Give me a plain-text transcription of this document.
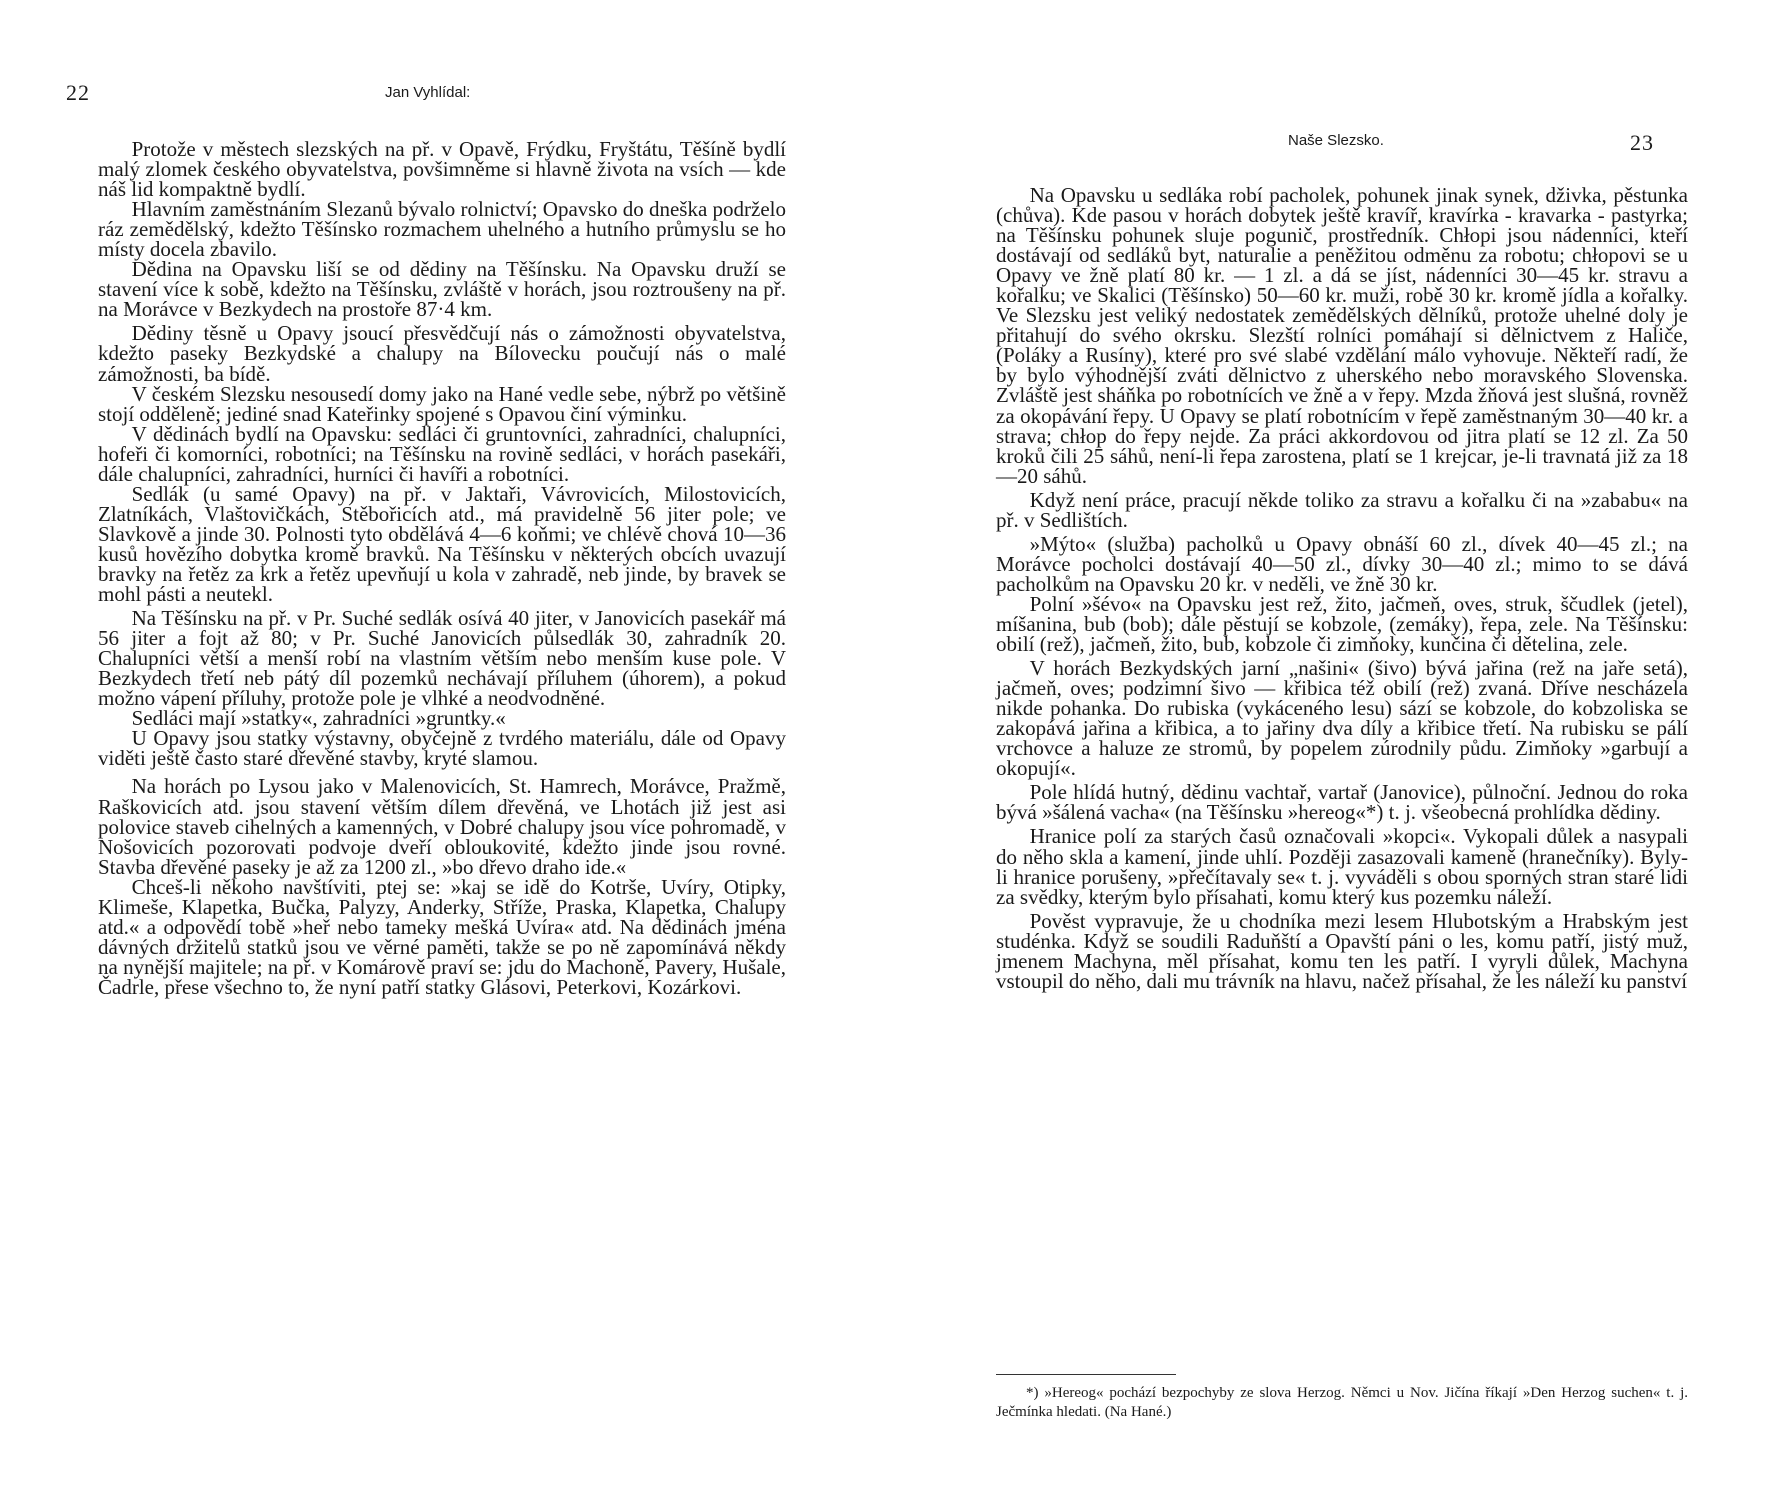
22	Jan Vyhlídal:

Protože v městech slezských na př. v Opavě, Frýdku, Fryštátu, Těšíně bydlí malý zlomek českého obyvatelstva, povšimněme si hlavně života na vsích — kde náš lid kompaktně bydlí.

Hlavním zaměstnáním Slezanů bývalo rolnictví; Opavsko do dneška podrželo ráz zemědělský, kdežto Těšínsko rozmachem uhelného a hutního průmyslu se ho místy docela zbavilo.

Dědina na Opavsku liší se od dědiny na Těšínsku. Na Opavsku druží se stavení více k sobě, kdežto na Těšínsku, zvláště v horách, jsou roztroušeny na př. na Morávce v Bezkydech na prostoře 87·4 km.

Dědiny těsně u Opavy jsoucí přesvědčují nás o zámožnosti obyvatelstva, kdežto paseky Bezkydské a chalupy na Bílovecku poučují nás o malé zámožnosti, ba bídě.

V českém Slezsku nesousedí domy jako na Hané vedle sebe, nýbrž po většině stojí odděleně; jediné snad Kateřinky spojené s Opavou činí výminku.

V dědinách bydlí na Opavsku: sedláci či gruntovníci, zahradníci, chalupníci, hofeři či komorníci, robotníci; na Těšínsku na rovině sedláci, v horách pasekáři, dále chalupníci, zahradníci, hurníci či havíři a robotníci.

Sedlák (u samé Opavy) na př. v Jaktaři, Vávrovicích, Milostovicích, Zlatníkách, Vlaštovičkách, Stěbořicích atd., má pravidelně 56 jiter pole; ve Slavkově a jinde 30. Polnosti tyto obdělává 4—6 koňmi; ve chlévě chová 10—36 kusů hovězího dobytka kromě bravků. Na Těšínsku v některých obcích uvazují bravky na řetěz za krk a řetěz upevňují u kola v zahradě, neb jinde, by bravek se mohl pásti a neutekl.

Na Těšínsku na př. v Pr. Suché sedlák osívá 40 jiter, v Janovicích pasekář má 56 jiter a fojt až 80; v Pr. Suché Janovicích půlsedlák 30, zahradník 20. Chalupníci větší a menší robí na vlastním větším nebo menším kuse pole. V Bezkydech třetí neb pátý díl pozemků nechávají příluhem (úhorem), a pokud možno vápení příluhy, protože pole je vlhké a neodvodněné.

Sedláci mají »statky«, zahradníci »gruntky.«

U Opavy jsou statky výstavny, obyčejně z tvrdého materiálu, dále od Opavy viděti ještě často staré dřevěné stavby, kryté slamou.

Na horách po Lysou jako v Malenovicích, St. Hamrech, Morávce, Pražmě, Raškovicích atd. jsou stavení větším dílem dřevěná, ve Lhotách již jest asi polovice staveb cihelných a kamenných, v Dobré chalupy jsou více pohromadě, v Nošovicích pozorovati podvoje dveří obloukovité, kdežto jinde jsou rovné. Stavba dřevěné paseky je až za 1200 zl., »bo dřevo draho ide.«

Chceš-li někoho navštíviti, ptej se: »kaj se idě do Kotrše, Uvíry, Otipky, Klimeše, Klapetka, Bučka, Palyzy, Anderky, Stříže, Praska, Klapetka, Chalupy atd.« a odpovědí tobě »heř nebo tameky mešká Uvíra« atd. Na dědinách jména dávných držitelů statků jsou ve věrné paměti, takže se po ně zapomínává někdy na nynější majitele; na př. v Komárově praví se: jdu do Machoně, Pavery, Hušale, Čadrle, přese všechno to, že nyní patří statky Glásovi, Peterkovi, Kozárkovi.

Naše Slezsko.	23

Na Opavsku u sedláka robí pacholek, pohunek jinak synek, dživka, pěstunka (chůva). Kde pasou v horách dobytek ještě kravíř, kravírka - kravarka - pastyrka; na Těšínsku pohunek sluje pogunič, prostředník. Chłopi jsou nádenníci, kteří dostávají od sedláků byt, naturalie a peněžitou odměnu za robotu; chłopovi se u Opavy ve žně platí 80 kr. — 1 zl. a dá se jíst, nádenníci 30—45 kr. stravu a kořalku; ve Skalici (Těšínsko) 50—60 kr. muži, robě 30 kr. kromě jídla a kořalky. Ve Slezsku jest veliký nedostatek zemědělských dělníků, protože uhelné doly je přitahují do svého okrsku. Slezští rolníci pomáhají si dělnictvem z Haliče, (Poláky a Rusíny), které pro své slabé vzdělání málo vyhovuje. Někteří radí, že by bylo výhodnější zváti dělnictvo z uherského nebo moravského Slovenska. Zvláště jest sháňka po robotnících ve žně a v řepy. Mzda žňová jest slušná, rovněž za okopávání řepy. U Opavy se platí robotnícím v řepě zaměstnaným 30—40 kr. a strava; chłop do řepy nejde. Za práci akkordovou od jitra platí se 12 zl. Za 50 kroků čili 25 sáhů, není-li řepa zarostena, platí se 1 krejcar, je-li travnatá již za 18—20 sáhů.

Když není práce, pracují někde toliko za stravu a kořalku či na »zababu« na př. v Sedlištích.

»Mýto« (služba) pacholků u Opavy obnáší 60 zl., dívek 40—45 zl.; na Morávce pocholci dostávají 40—50 zl., dívky 30—40 zl.; mimo to se dává pacholkům na Opavsku 20 kr. v neděli, ve žně 30 kr.

Polní »šévo« na Opavsku jest rež, žito, jačmeň, oves, struk, ščudlek (jetel), míšanina, bub (bob); dále pěstují se kobzole, (zemáky), řepa, zele. Na Těšínsku: obilí (rež), jačmeň, žito, bub, kobzole či zimňoky, kunčina či dětelina, zele.

V horách Bezkydských jarní „našini« (šivo) bývá jařina (rež na jaře setá), jačmeň, oves; podzimní šivo — křibica též obilí (rež) zvaná. Dříve nescházela nikde pohanka. Do rubiska (vykáceného lesu) sází se kobzole, do kobzoliska se zakopává jařina a křibica, a to jařiny dva díly a křibice třetí. Na rubisku se pálí vrchovce a haluze ze stromů, by popelem zúrodnily půdu. Zimňoky »garbují a okopují«.

Pole hlídá hutný, dědinu vachtař, vartař (Janovice), půlnoční. Jednou do roka bývá »šálená vacha« (na Těšínsku »hereog«*) t. j. všeobecná prohlídka dědiny.

Hranice polí za starých časů označovali »kopci«. Vykopali důlek a nasypali do něho skla a kamení, jinde uhlí. Později zasazovali kameně (hranečníky). Byly-li hranice porušeny, »přečítavaly se« t. j. vyváděli s obou sporných stran staré lidi za svědky, kterým bylo přísahati, komu který kus pozemku náleží.

Pověst vypravuje, že u chodníka mezi lesem Hlubotským a Hrabským jest studénka. Když se soudili Raduňští a Opavští páni o les, komu patří, jistý muž, jmenem Machyna, měl přísahat, komu ten les patří. I vyryli důlek, Machyna vstoupil do něho, dali mu trávník na hlavu, načež přísahal, že les náleží ku panství

*) »Hereog« pochází bezpochyby ze slova Herzog. Němci u Nov. Jičína říkají »Den Herzog suchen« t. j. Ječmínka hledati. (Na Hané.)
